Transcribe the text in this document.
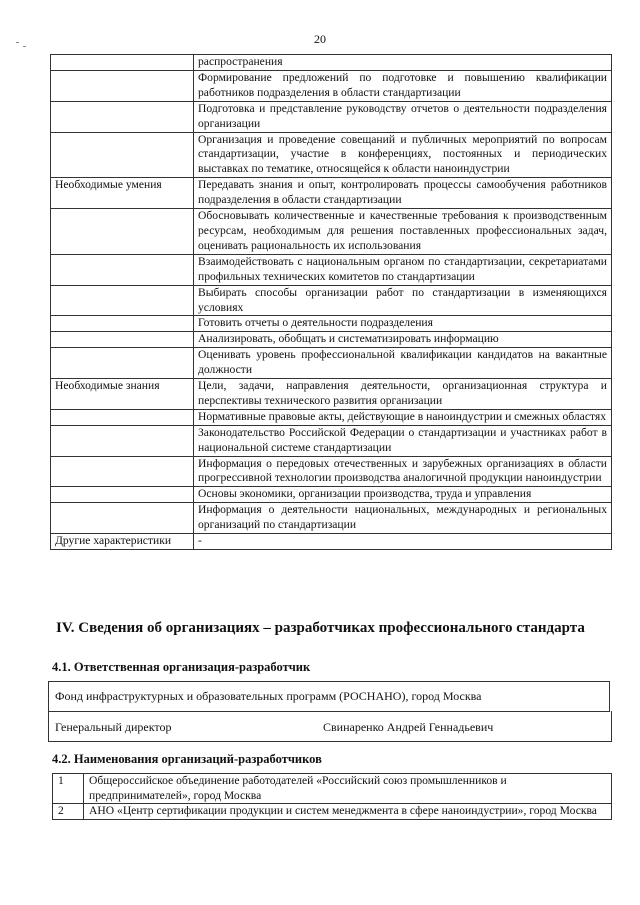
20
	распространения
	Формирование предложений по подготовке и повышению квалификации работников подразделения в области стандартизации
	Подготовка и представление руководству отчетов о деятельности подразделения организации
	Организация и проведение совещаний и публичных мероприятий по вопросам стандартизации, участие в конференциях, постоянных и периодических выставках по тематике, относящейся к области наноиндустрии
Необходимые умения	Передавать знания и опыт, контролировать процессы самообучения работников подразделения в области стандартизации
	Обосновывать количественные и качественные требования к производственным ресурсам, необходимым для решения поставленных профессиональных задач, оценивать рациональность их использования
	Взаимодействовать с национальным органом по стандартизации, секретариатами профильных технических комитетов по стандартизации
	Выбирать способы организации работ по стандартизации в изменяющихся условиях
	Готовить отчеты о деятельности подразделения
	Анализировать, обобщать и систематизировать информацию
	Оценивать уровень профессиональной квалификации кандидатов на вакантные должности
Необходимые знания	Цели, задачи, направления деятельности, организационная структура и перспективы технического развития организации
	Нормативные правовые акты, действующие в наноиндустрии и смежных областях
	Законодательство Российской Федерации о стандартизации и участниках работ в национальной системе стандартизации
	Информация о передовых отечественных и зарубежных организациях в области прогрессивной технологии производства аналогичной продукции наноиндустрии
	Основы экономики, организации производства, труда и управления
	Информация о деятельности национальных, международных и региональных организаций по стандартизации
Другие характеристики	-
IV. Сведения об организациях – разработчиках профессионального стандарта
4.1. Ответственная организация-разработчик
Фонд инфраструктурных и образовательных программ (РОСНАНО), город Москва
Генеральный директор	Свинаренко Андрей Геннадьевич
4.2. Наименования организаций-разработчиков
1	Общероссийское объединение работодателей «Российский союз промышленников и предпринимателей», город Москва
2	АНО «Центр сертификации продукции и систем менеджмента в сфере наноиндустрии», город Москва
